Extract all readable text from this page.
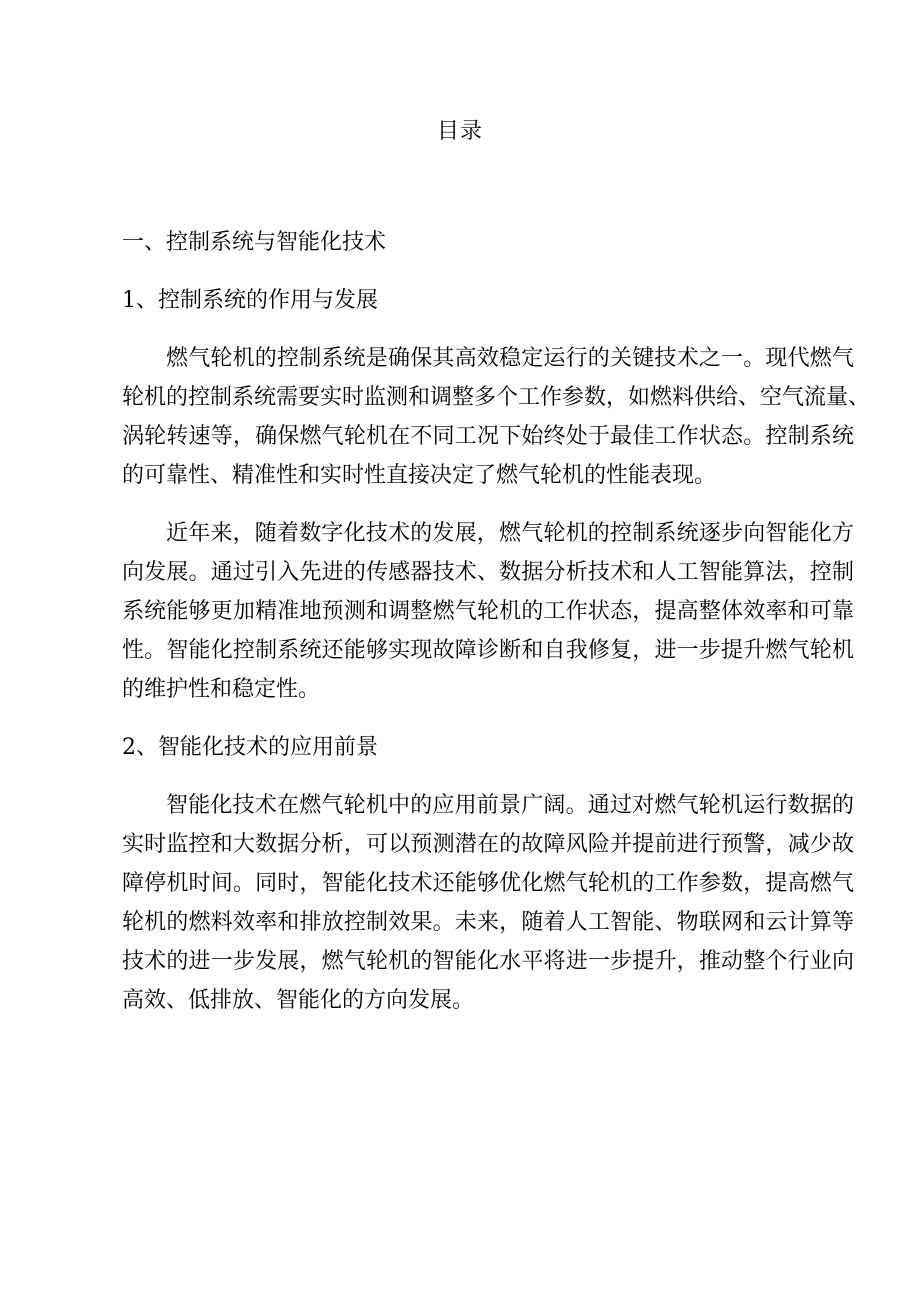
目录
一、控制系统与智能化技术
1、控制系统的作用与发展
燃气轮机的控制系统是确保其高效稳定运行的关键技术之一。现代燃气
轮机的控制系统需要实时监测和调整多个工作参数，如燃料供给、空气流量、
涡轮转速等，确保燃气轮机在不同工况下始终处于最佳工作状态。控制系统
的可靠性、精准性和实时性直接决定了燃气轮机的性能表现。
近年来，随着数字化技术的发展，燃气轮机的控制系统逐步向智能化方
向发展。通过引入先进的传感器技术、数据分析技术和人工智能算法，控制
系统能够更加精准地预测和调整燃气轮机的工作状态，提高整体效率和可靠
性。智能化控制系统还能够实现故障诊断和自我修复，进一步提升燃气轮机
的维护性和稳定性。
2、智能化技术的应用前景
智能化技术在燃气轮机中的应用前景广阔。通过对燃气轮机运行数据的
实时监控和大数据分析，可以预测潜在的故障风险并提前进行预警，减少故
障停机时间。同时，智能化技术还能够优化燃气轮机的工作参数，提高燃气
轮机的燃料效率和排放控制效果。未来，随着人工智能、物联网和云计算等
技术的进一步发展，燃气轮机的智能化水平将进一步提升，推动整个行业向
高效、低排放、智能化的方向发展。
